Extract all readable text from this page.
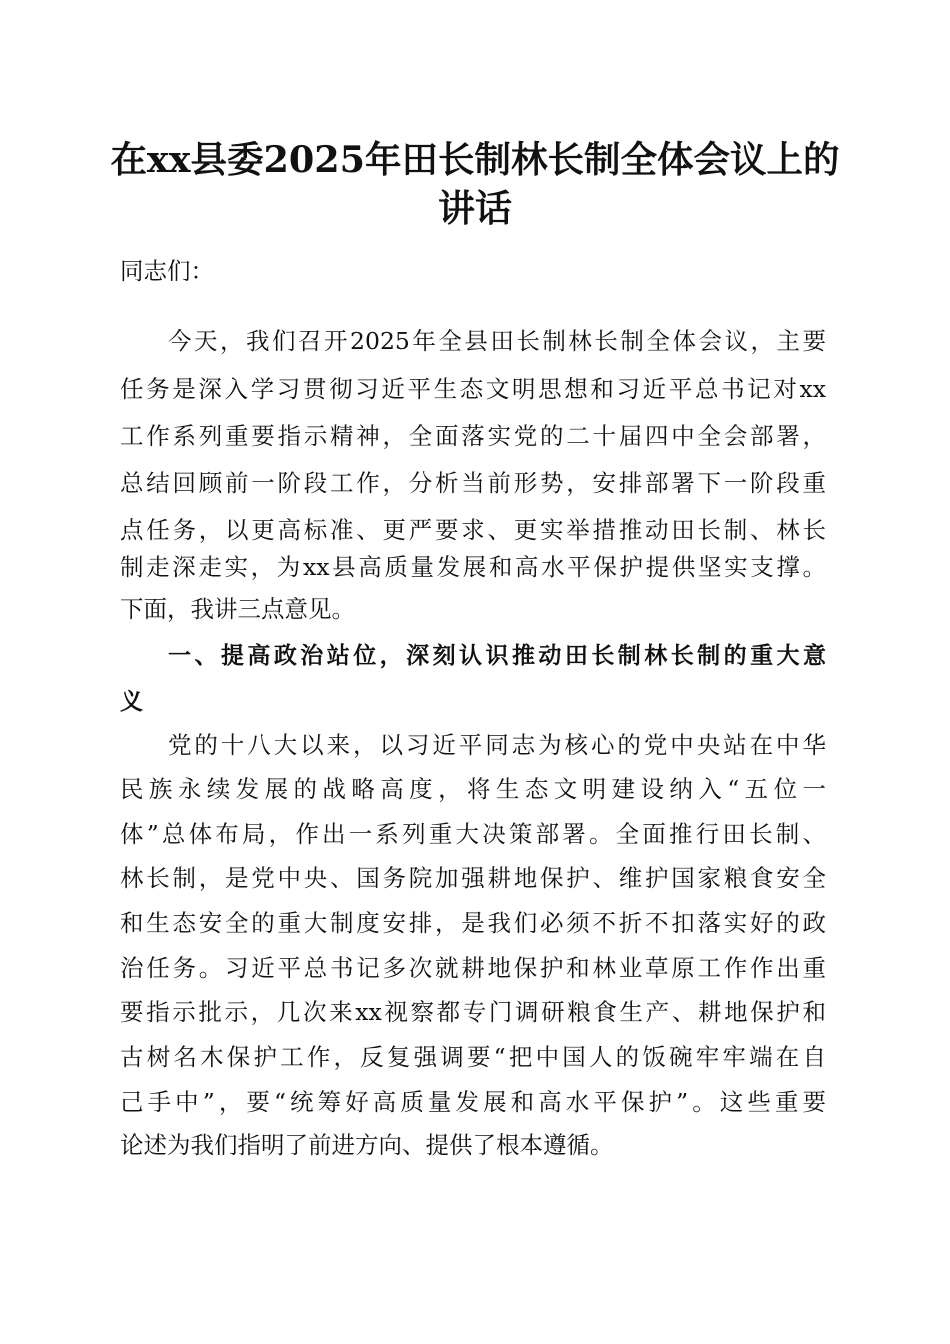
在xx县委2025年田长制林长制全体会议上的
讲话

同志们：

今天，我们召开2025年全县田长制林长制全体会议，主要

任务是深入学习贯彻习近平生态文明思想和习近平总书记对xx

工作系列重要指示精神，全面落实党的二十届四中全会部署，

总结回顾前一阶段工作，分析当前形势，安排部署下一阶段重

点任务，以更高标准、更严要求、更实举措推动田长制、林长

制走深走实，为xx县高质量发展和高水平保护提供坚实支撑。

下面，我讲三点意见。

一、提高政治站位，深刻认识推动田长制林长制的重大意

义

党的十八大以来，以习近平同志为核心的党中央站在中华

民族永续发展的战略高度，将生态文明建设纳入“五位一

体”总体布局，作出一系列重大决策部署。全面推行田长制、

林长制，是党中央、国务院加强耕地保护、维护国家粮食安全

和生态安全的重大制度安排，是我们必须不折不扣落实好的政

治任务。习近平总书记多次就耕地保护和林业草原工作作出重

要指示批示，几次来xx视察都专门调研粮食生产、耕地保护和

古树名木保护工作，反复强调要“把中国人的饭碗牢牢端在自

己手中”，要“统筹好高质量发展和高水平保护”。这些重要

论述为我们指明了前进方向、提供了根本遵循。
